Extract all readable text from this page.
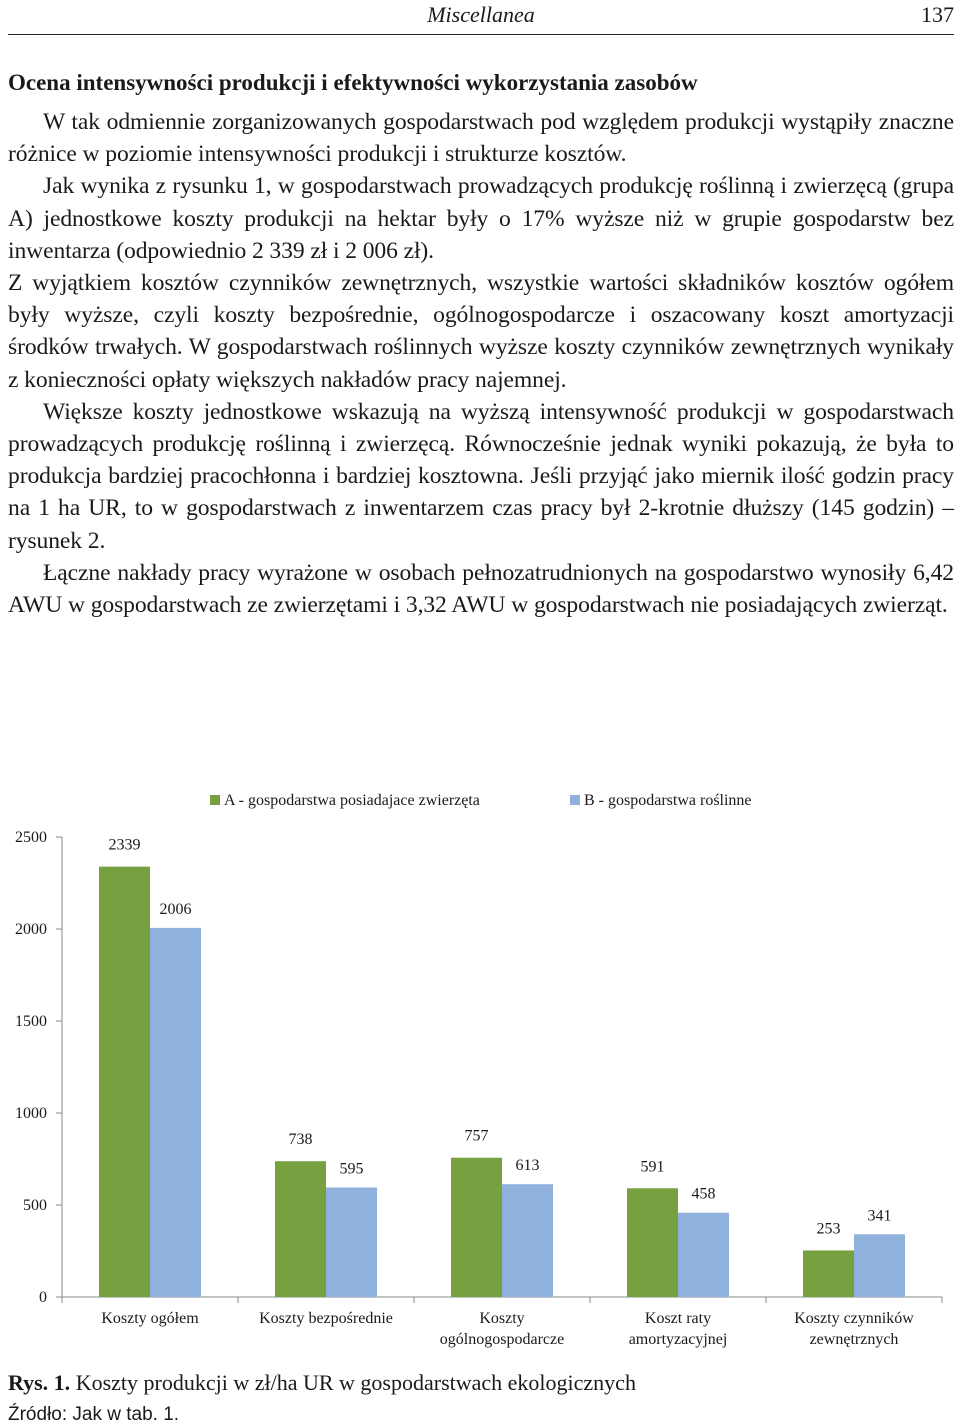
Miscellanea	137
Ocena intensywności produkcji i efektywności wykorzystania zasobów

W tak odmiennie zorganizowanych gospodarstwach pod względem produkcji wystąpiły znaczne różnice w poziomie intensywności produkcji i strukturze kosztów.

Jak wynika z rysunku 1, w gospodarstwach prowadzących produkcję roślinną i zwierzęcą (grupa A) jednostkowe koszty produkcji na hektar były o 17% wyższe niż w grupie gospodarstw bez inwentarza (odpowiednio 2 339 zł i 2 006 zł).

Z wyjątkiem kosztów czynników zewnętrznych, wszystkie wartości składników kosztów ogółem były wyższe, czyli koszty bezpośrednie, ogólnogospodarcze i oszacowany koszt amortyzacji środków trwałych. W gospodarstwach roślinnych wyższe koszty czynników zewnętrznych wynikały z konieczności opłaty większych nakładów pracy najemnej.

Większe koszty jednostkowe wskazują na wyższą intensywność produkcji w gospodarstwach prowadzących produkcję roślinną i zwierzęcą. Równocześnie jednak wyniki pokazują, że była to produkcja bardziej pracochłonna i bardziej kosztowna. Jeśli przyjąć jako miernik ilość godzin pracy na 1 ha UR, to w gospodarstwach z inwentarzem czas pracy był 2-krotnie dłuższy (145 godzin) – rysunek 2.

Łączne nakłady pracy wyrażone w osobach pełnozatrudnionych na gospodarstwo wynosiły 6,42 AWU w gospodarstwach ze zwierzętami i 3,32 AWU w gospodarstwach nie posiadających zwierząt.

0
500
1000
1500
2000
2500	2339
2006
Koszty ogółem
738
595
Koszty bezpośrednie
757
613
Koszty
ogólnogospodarcze
591
458
Koszt raty
amortyzacyjnej
253
341
Koszty czynników
zewnętrznych
A - gospodarstwa posiadajace zwierzęta	B - gospodarstwa roślinne
Rys. 1. Koszty produkcji w zł/ha UR w gospodarstwach ekologicznych
Źródło: Jak w tab. 1.
